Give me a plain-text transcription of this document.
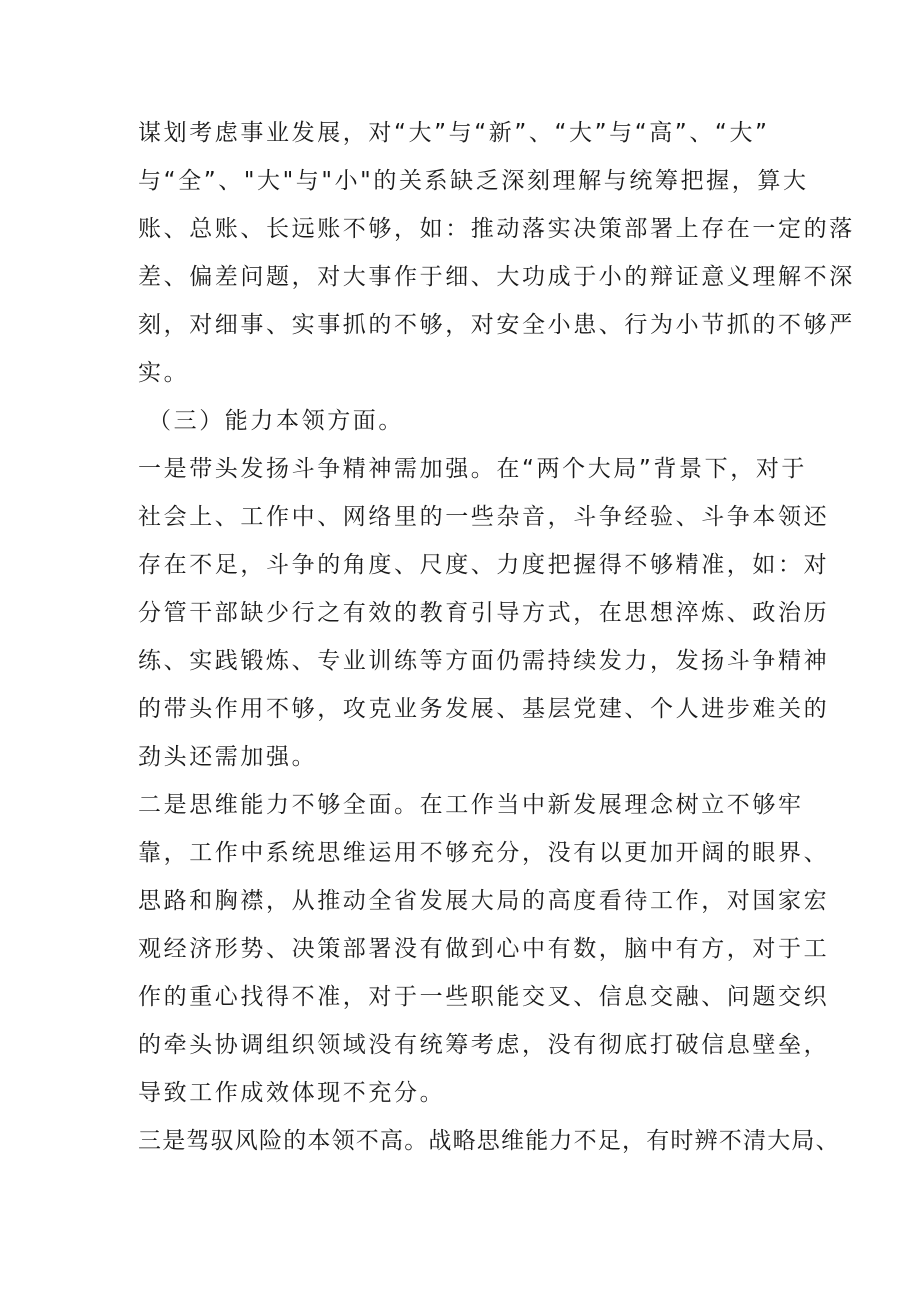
谋划考虑事业发展，对“大”与“新”、“大”与“高”、“大”

与“全”、"大"与"小"的关系缺乏深刻理解与统筹把握，算大

账、总账、长远账不够，如：推动落实决策部署上存在一定的落

差、偏差问题，对大事作于细、大功成于小的辩证意义理解不深

刻，对细事、实事抓的不够，对安全小患、行为小节抓的不够严

实。

（三）能力本领方面。

一是带头发扬斗争精神需加强。在“两个大局”背景下，对于

社会上、工作中、网络里的一些杂音，斗争经验、斗争本领还

存在不足，斗争的角度、尺度、力度把握得不够精准，如：对

分管干部缺少行之有效的教育引导方式，在思想淬炼、政治历

练、实践锻炼、专业训练等方面仍需持续发力，发扬斗争精神

的带头作用不够，攻克业务发展、基层党建、个人进步难关的

劲头还需加强。

二是思维能力不够全面。在工作当中新发展理念树立不够牢

靠，工作中系统思维运用不够充分，没有以更加开阔的眼界、

思路和胸襟，从推动全省发展大局的高度看待工作，对国家宏

观经济形势、决策部署没有做到心中有数，脑中有方，对于工

作的重心找得不准，对于一些职能交叉、信息交融、问题交织

的牵头协调组织领域没有统筹考虑，没有彻底打破信息壁垒，

导致工作成效体现不充分。

三是驾驭风险的本领不高。战略思维能力不足，有时辨不清大局、
